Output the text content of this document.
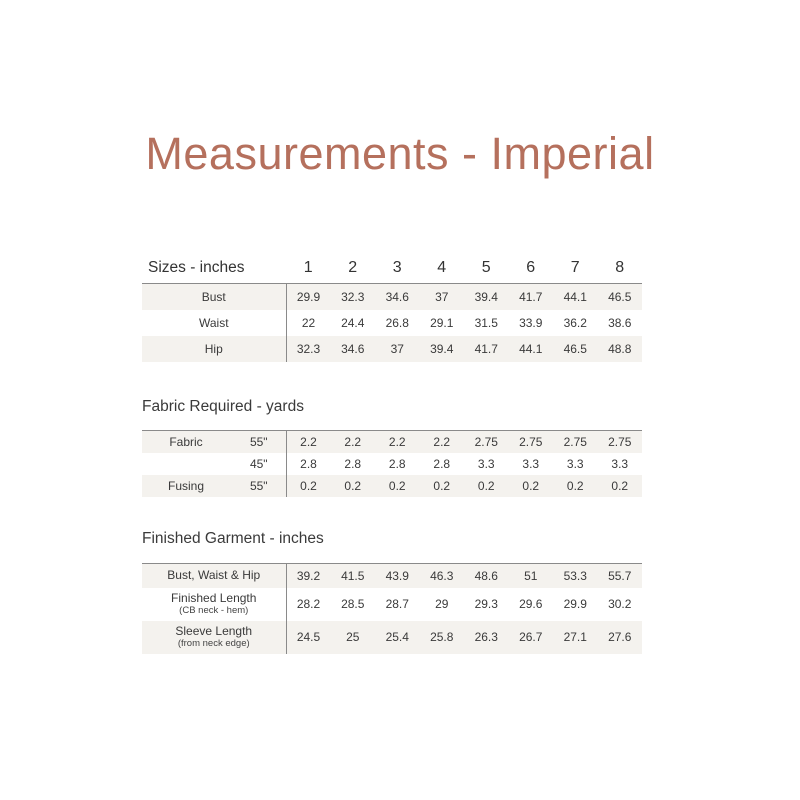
Measurements - Imperial
Sizes - inches	1	2	3	4	5	6	7	8
Bust	29.9	32.3	34.6	37	39.4	41.7	44.1	46.5
Waist	22	24.4	26.8	29.1	31.5	33.9	36.2	38.6
Hip	32.3	34.6	37	39.4	41.7	44.1	46.5	48.8
Fabric Required - yards
Fabric	55"	2.2	2.2	2.2	2.2	2.75	2.75	2.75	2.75
	45"	2.8	2.8	2.8	2.8	3.3	3.3	3.3	3.3
Fusing	55"	0.2	0.2	0.2	0.2	0.2	0.2	0.2	0.2
Finished Garment - inches
Bust, Waist & Hip	39.2	41.5	43.9	46.3	48.6	51	53.3	55.7
Finished Length
(CB neck - hem)	28.2	28.5	28.7	29	29.3	29.6	29.9	30.2
Sleeve Length
(from neck edge)	24.5	25	25.4	25.8	26.3	26.7	27.1	27.6
